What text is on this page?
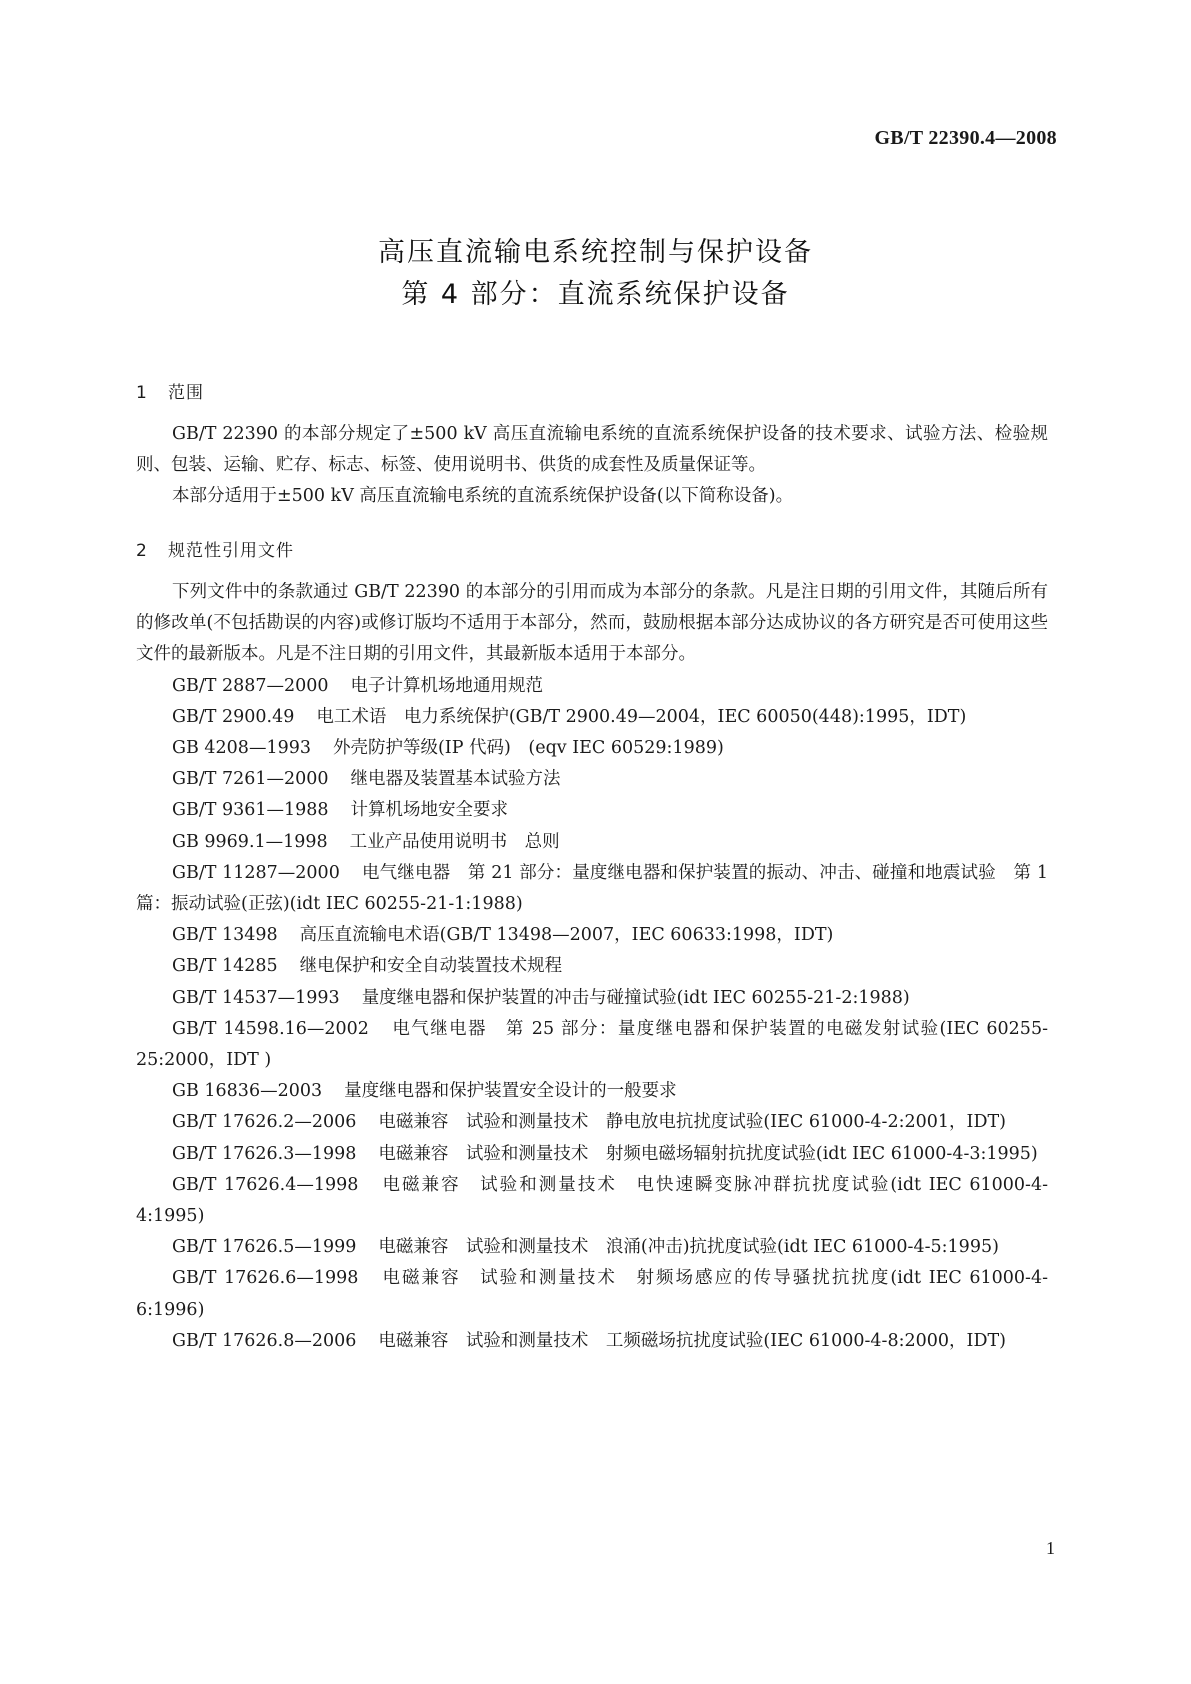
GB/T 22390.4—2008
高压直流输电系统控制与保护设备
第 4 部分：直流系统保护设备
1 范围

GB/T 22390 的本部分规定了±500 kV 高压直流输电系统的直流系统保护设备的技术要求、试验方法、检验规则、包装、运输、贮存、标志、标签、使用说明书、供货的成套性及质量保证等。

本部分适用于±500 kV 高压直流输电系统的直流系统保护设备(以下简称设备)。

2 规范性引用文件

下列文件中的条款通过 GB/T 22390 的本部分的引用而成为本部分的条款。凡是注日期的引用文件，其随后所有的修改单(不包括勘误的内容)或修订版均不适用于本部分，然而，鼓励根据本部分达成协议的各方研究是否可使用这些文件的最新版本。凡是不注日期的引用文件，其最新版本适用于本部分。

GB/T 2887—2000 电子计算机场地通用规范

GB/T 2900.49 电工术语　电力系统保护(GB/T 2900.49—2004，IEC 60050(448):1995，IDT)

GB 4208—1993 外壳防护等级(IP 代码)　(eqv IEC 60529:1989)

GB/T 7261—2000 继电器及装置基本试验方法

GB/T 9361—1988 计算机场地安全要求

GB 9969.1—1998 工业产品使用说明书　总则

GB/T 11287—2000 电气继电器　第 21 部分：量度继电器和保护装置的振动、冲击、碰撞和地震试验　第 1 篇：振动试验(正弦)(idt IEC 60255-21-1:1988)

GB/T 13498 高压直流输电术语(GB/T 13498—2007，IEC 60633:1998，IDT)

GB/T 14285 继电保护和安全自动装置技术规程

GB/T 14537—1993 量度继电器和保护装置的冲击与碰撞试验(idt IEC 60255-21-2:1988)

GB/T 14598.16—2002 电气继电器　第 25 部分：量度继电器和保护装置的电磁发射试验(IEC 60255-25:2000，IDT )

GB 16836—2003 量度继电器和保护装置安全设计的一般要求

GB/T 17626.2—2006 电磁兼容　试验和测量技术　静电放电抗扰度试验(IEC 61000-4-2:2001，IDT)

GB/T 17626.3—1998 电磁兼容　试验和测量技术　射频电磁场辐射抗扰度试验(idt IEC 61000-4-3:1995)

GB/T 17626.4—1998 电磁兼容　试验和测量技术　电快速瞬变脉冲群抗扰度试验(idt IEC 61000-4-4:1995)

GB/T 17626.5—1999 电磁兼容　试验和测量技术　浪涌(冲击)抗扰度试验(idt IEC 61000-4-5:1995)

GB/T 17626.6—1998 电磁兼容　试验和测量技术　射频场感应的传导骚扰抗扰度(idt IEC 61000-4-6:1996)

GB/T 17626.8—2006 电磁兼容　试验和测量技术　工频磁场抗扰度试验(IEC 61000-4-8:2000，IDT)

1
